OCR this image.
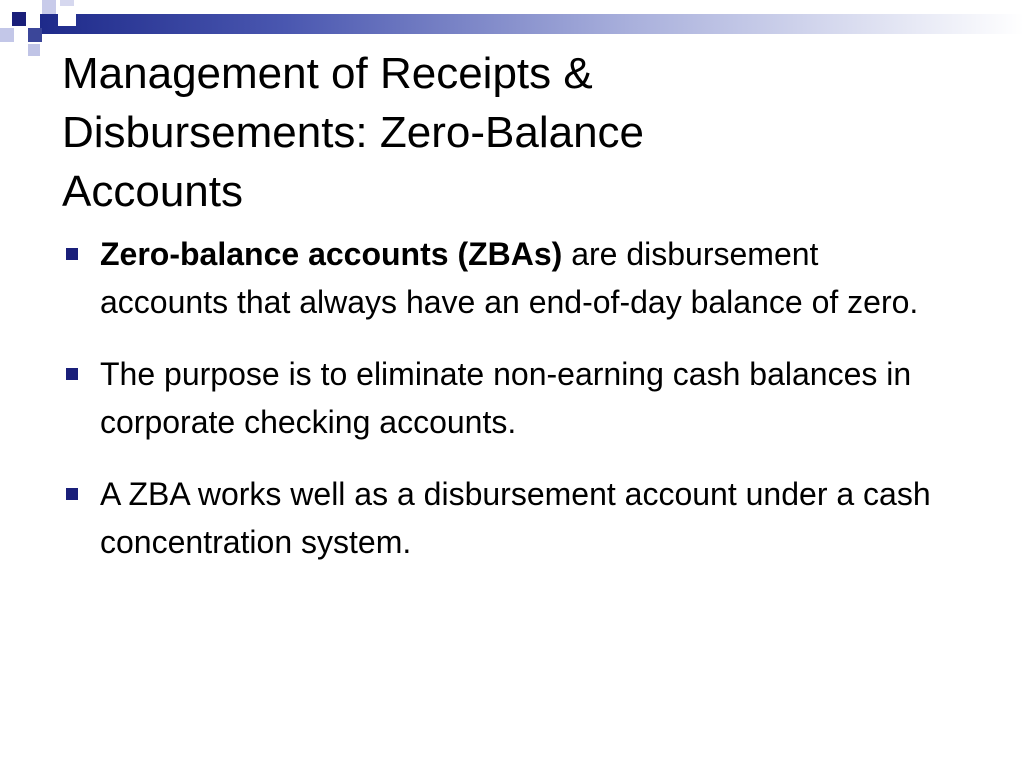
Management of Receipts &
Disbursements: Zero-Balance
Accounts
Zero-balance accounts (ZBAs) are disbursement accounts that always have an end-of-day balance of zero.
The purpose is to eliminate non-earning cash balances in corporate checking accounts.
A ZBA works well as a disbursement account under a cash concentration system.
